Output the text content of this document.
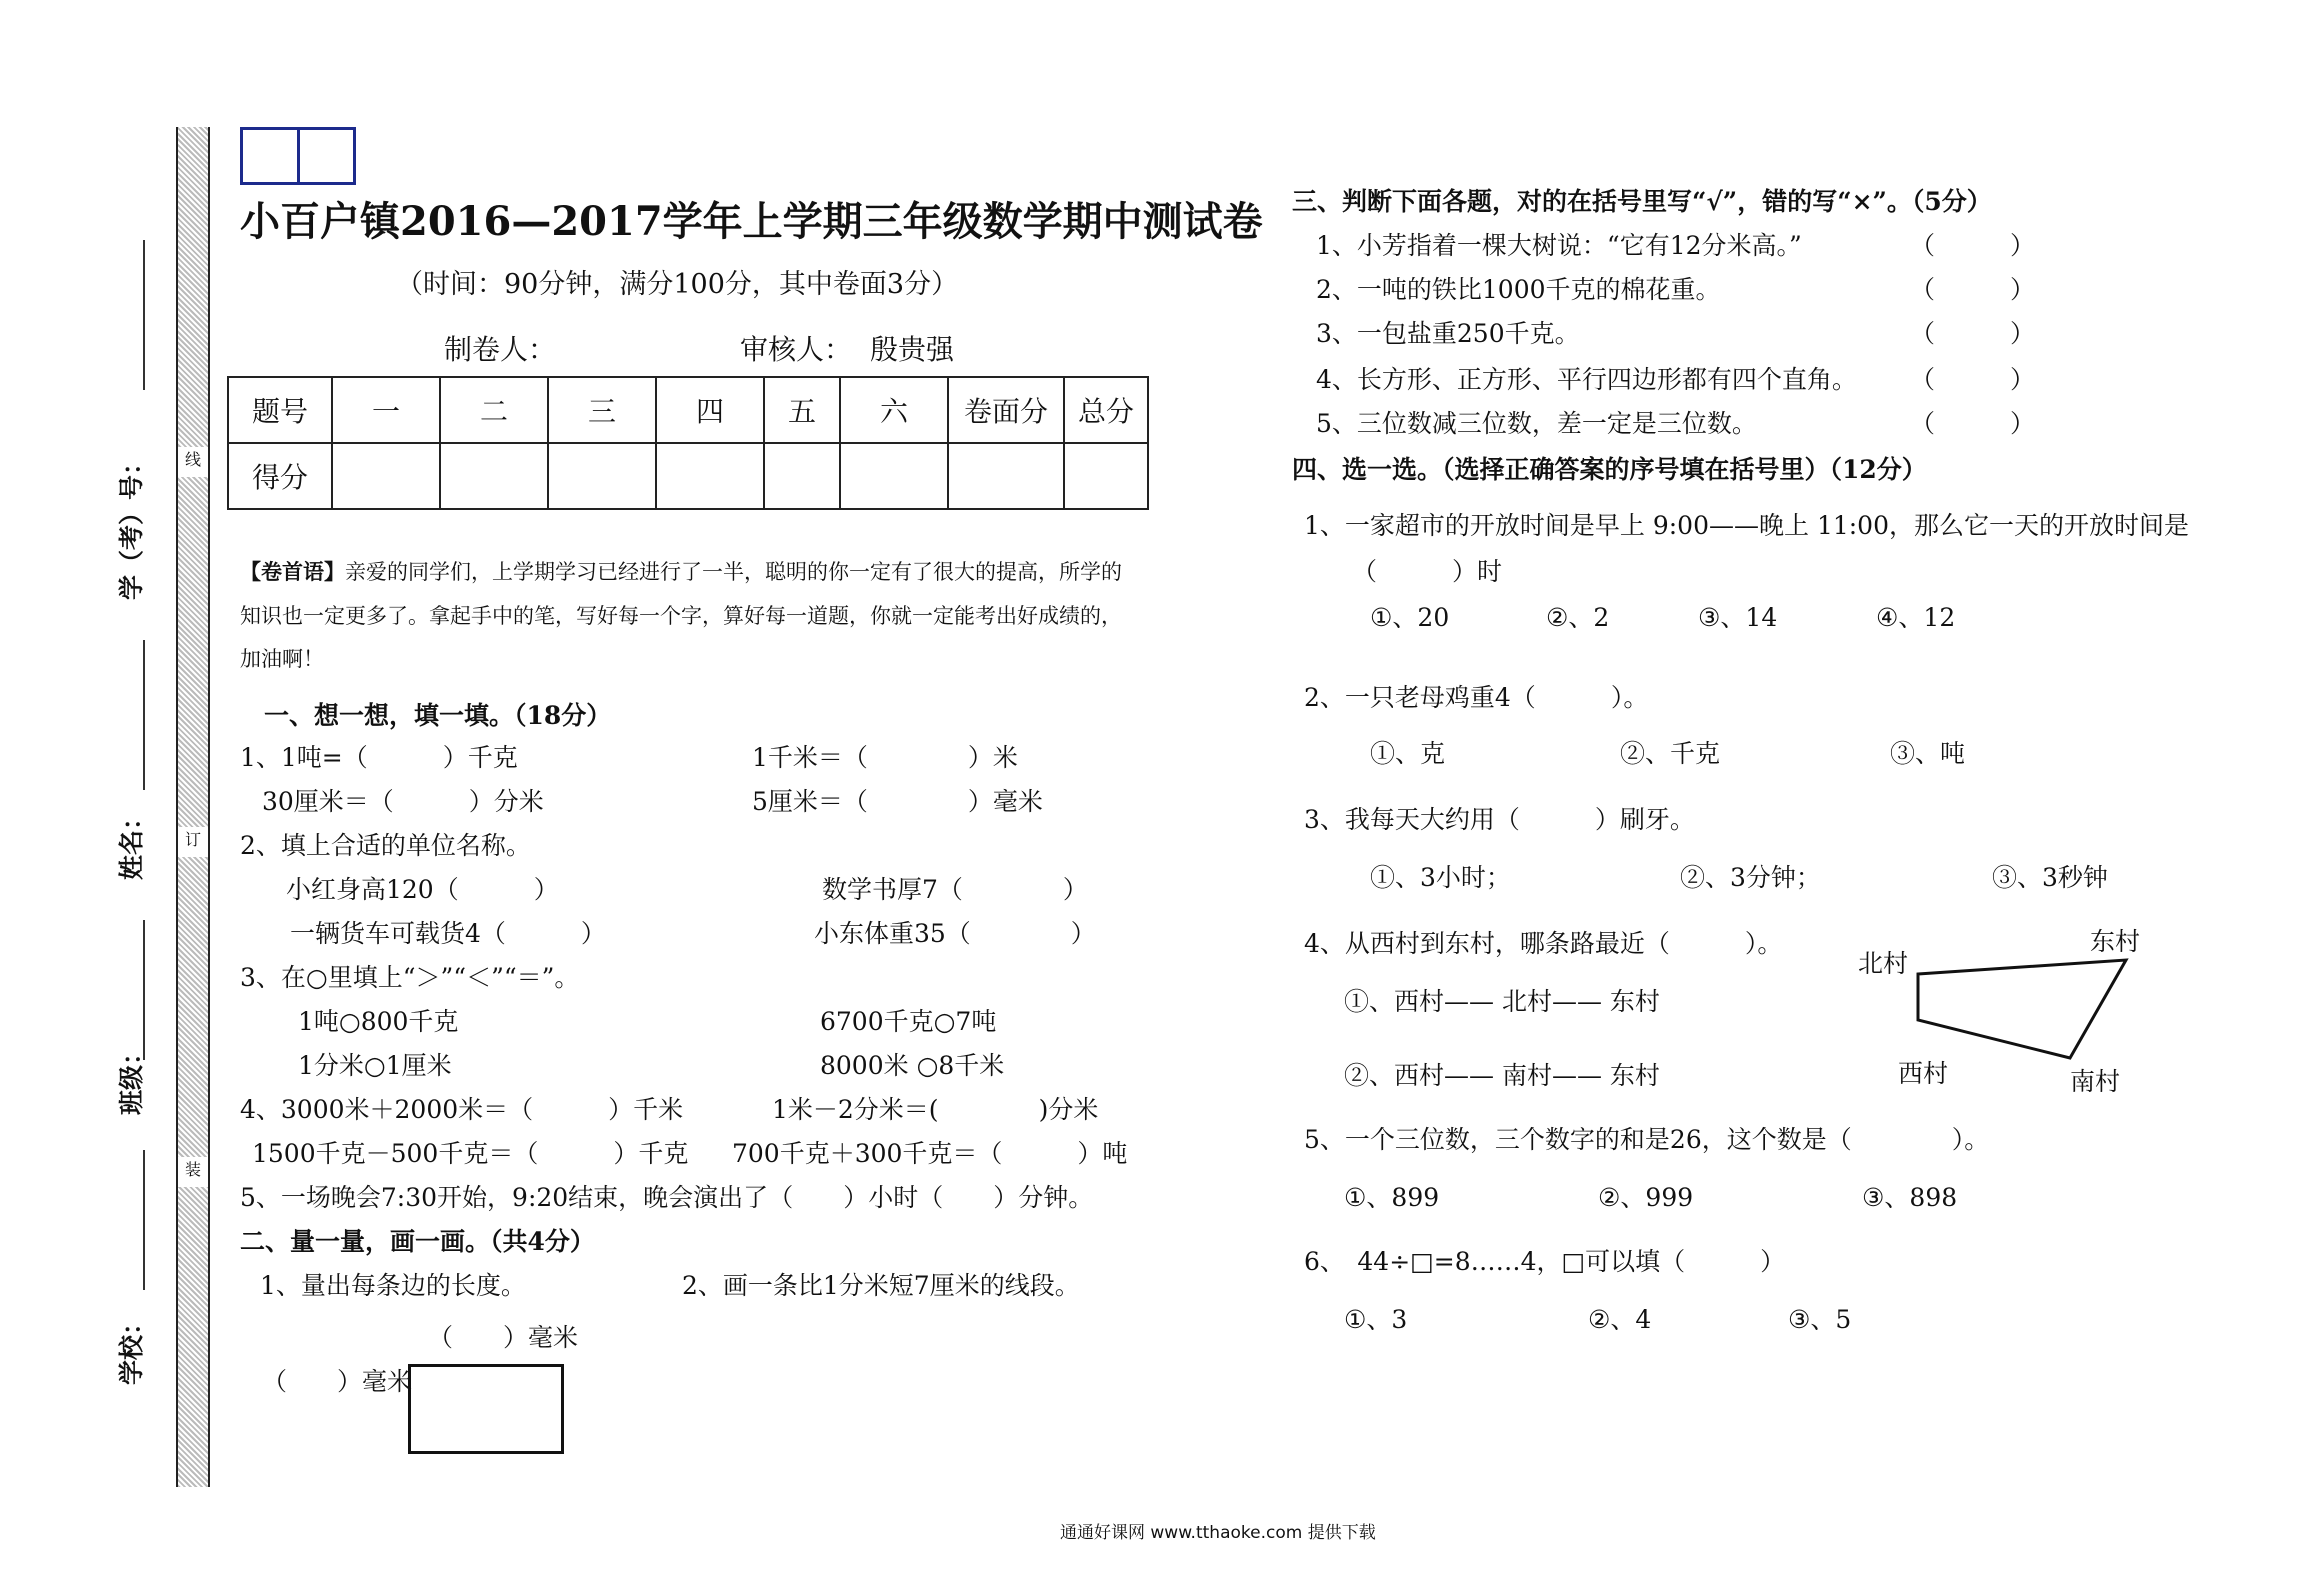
线
订
装
学（考）号：
姓名：
班级：
学校：
小百户镇2016—2017学年上学期三年级数学期中测试卷
（时间：90分钟，满分100分，其中卷面3分）
制卷人：	审核人： 殷贵强
题号	一	二	三	四	五	六	卷面分	总分
得分								
【卷首语】亲爱的同学们，上学期学习已经进行了一半，聪明的你一定有了很大的提高，所学的
知识也一定更多了。拿起手中的笔，写好每一个字，算好每一道题，你就一定能考出好成绩的，
加油啊！
一、想一想，填一填。（18分）
1、1吨=（　　　）千克	1千米＝（　　　　）米
30厘米＝（　　　）分米	5厘米＝（　　　　）毫米
2、填上合适的单位名称。
小红身高120（　　　）	数学书厚7（　　　　）
一辆货车可载货4（　　　）	小东体重35（　　　　）
3、在○里填上“＞”“＜”“＝”。
1吨○800千克	6700千克○7吨
1分米○1厘米	8000米 ○8千米
4、3000米＋2000米＝（　　　）千米	1米－2分米＝(　　　　)分米
1500千克－500千克＝（　　　）千克 700千克＋300千克＝（　　　）吨
5、一场晚会7:30开始，9:20结束，晚会演出了（　　）小时（　　）分钟。
二、量一量，画一画。（共4分）
1、量出每条边的长度。	2、画一条比1分米短7厘米的线段。
（　　）毫米
（　　）毫米
三、判断下面各题，对的在括号里写“√”，错的写“×”。（5分）
1、小芳指着一棵大树说：“它有12分米高。”	（　　　）
2、一吨的铁比1000千克的棉花重。	（　　　）
3、一包盐重250千克。	（　　　）
4、长方形、正方形、平行四边形都有四个直角。 （　　　）
5、三位数减三位数，差一定是三位数。	（　　　）
四、选一选。（选择正确答案的序号填在括号里）（12分）
1、一家超市的开放时间是早上 9:00——晚上 11:00，那么它一天的开放时间是
（　　　）时
①、20	②、2	③、14	④、12
2、一只老母鸡重4（　　　）。
①、克	②、千克	③、吨
3、我每天大约用（　　　）刷牙。
①、3小时；	②、3分钟；	③、3秒钟
4、从西村到东村，哪条路最近（　　　）。
①、西村—— 北村—— 东村
②、西村—— 南村—— 东村
北村
东村
西村	南村
5、一个三位数，三个数字的和是26，这个数是（　　　　）。
①、899	②、999	③、898
6、　44÷□=8……4，□可以填（　　　）
①、3	②、4	③、5
通通好课网 www.tthaoke.com 提供下载
